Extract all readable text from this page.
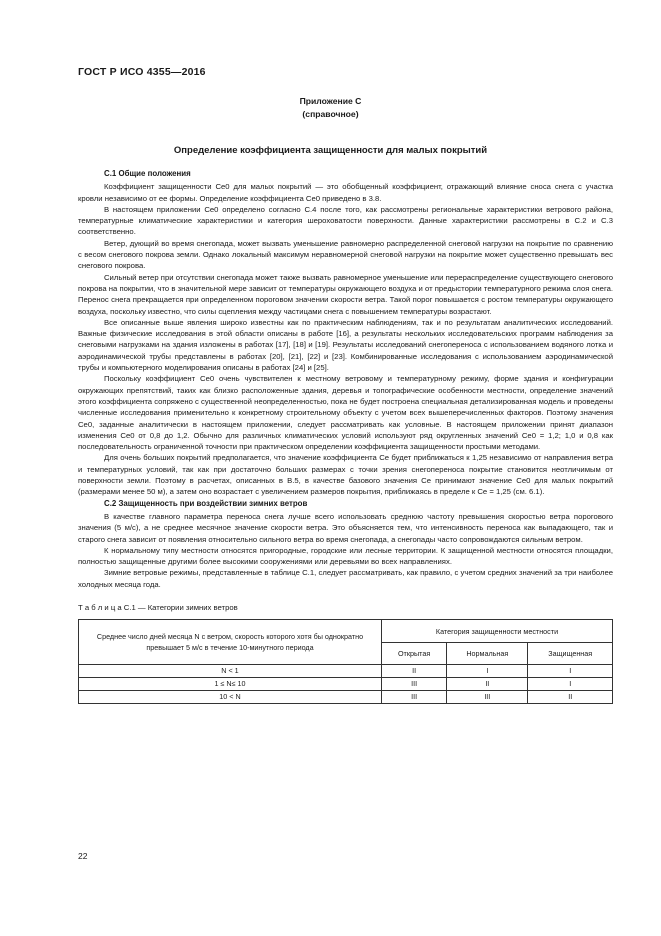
ГОСТ Р ИСО 4355—2016
Приложение С
(справочное)
Определение коэффициента защищенности для малых покрытий
С.1 Общие положения

Коэффициент защищенности Ce0 для малых покрытий — это обобщенный коэффициент, отражающий влияние сноса снега с участка кровли независимо от ее формы. Определение коэффициента Ce0 приведено в 3.8.

В настоящем приложении Ce0 определено согласно С.4 после того, как рассмотрены региональные характеристики ветрового района, температурные климатические характеристики и категория шероховатости поверхности. Данные характеристики рассмотрены в С.2 и С.3 соответственно.

Ветер, дующий во время снегопада, может вызвать уменьшение равномерно распределенной снеговой нагрузки на покрытие по сравнению с весом снегового покрова земли. Однако локальный максимум неравномерной снеговой нагрузки на покрытие может существенно превышать вес снегового покрова.

Сильный ветер при отсутствии снегопада может также вызвать равномерное уменьшение или перераспределение существующего снегового покрова на покрытии, что в значительной мере зависит от температуры окружающего воздуха и от предыстории температурного режима слоя снега. Перенос снега прекращается при определенном пороговом значении скорости ветра. Такой порог повышается с ростом температуры окружающего воздуха, поскольку известно, что силы сцепления между частицами снега с повышением температуры возрастают.

Все описанные выше явления широко известны как по практическим наблюдениям, так и по результатам аналитических исследований. Важные физические исследования в этой области описаны в работе [16], а результаты нескольких исследовательских программ наблюдения за снеговыми нагрузками на здания изложены в работах [17], [18] и [19]. Результаты исследований снегопереноса с использованием водяного лотка и аэродинамической трубы представлены в работах [20], [21], [22] и [23]. Комбинированные исследования с использованием аэродинамической трубы и компьютерного моделирования описаны в работах [24] и [25].

Поскольку коэффициент Ce0 очень чувствителен к местному ветровому и температурному режиму, форме здания и конфигурации окружающих препятствий, таких как близко расположенные здания, деревья и топографические особенности местности, определение значений этого коэффициента сопряжено с существенной неопределенностью, пока не будет построена специальная детализированная модель и проведены численные исследования применительно к конкретному строительному объекту с учетом всех вышеперечисленных факторов. Поэтому значения Ce0, заданные аналитически в настоящем приложении, следует рассматривать как условные. В настоящем приложении принят диапазон изменения Ce0 от 0,8 до 1,2. Обычно для различных климатических условий используют ряд округленных значений Ce0 = 1,2; 1,0 и 0,8 как последовательность ограниченной точности при практическом определении коэффициента защищенности простыми методами.

Для очень больших покрытий предполагается, что значение коэффициента Ce будет приближаться к 1,25 независимо от направления ветра и температурных условий, так как при достаточно больших размерах с точки зрения снегопереноса покрытие становится неотличимым от поверхности земли. Поэтому в расчетах, описанных в В.5, в качестве базового значения Ce принимают значение Ce0 для малых покрытий (размерами менее 50 м), а затем оно возрастает с увеличением размеров покрытия, приближаясь в пределе к Ce = 1,25 (см. 6.1).

С.2 Защищенность при воздействии зимних ветров

В качестве главного параметра переноса снега лучше всего использовать среднюю частоту превышения скоростью ветра порогового значения (5 м/с), а не среднее месячное значение скорости ветра. Это объясняется тем, что интенсивность переноса как выпадающего, так и старого снега зависит от появления относительно сильного ветра во время снегопада, а снегопады часто сопровождаются сильным ветром.

К нормальному типу местности относятся пригородные, городские или лесные территории. К защищенной местности относятся площадки, полностью защищенные другими более высокими сооружениями или деревьями во всех направлениях.

Зимние ветровые режимы, представленные в таблице С.1, следует рассматривать, как правило, с учетом средних значений за три наиболее холодных месяца года.

Т а б л и ц а С.1 — Категории зимних ветров
Среднее число дней месяца N с ветром, скорость которого хотя бы однократно превышает 5 м/с в течение 10-минутного периода	Категория защищенности местности		
	Открытая	Нормальная	Защищенная
N < 1	II	I	I
1 ≤ N≤ 10	III	II	I
10 < N	III	III	II
22
